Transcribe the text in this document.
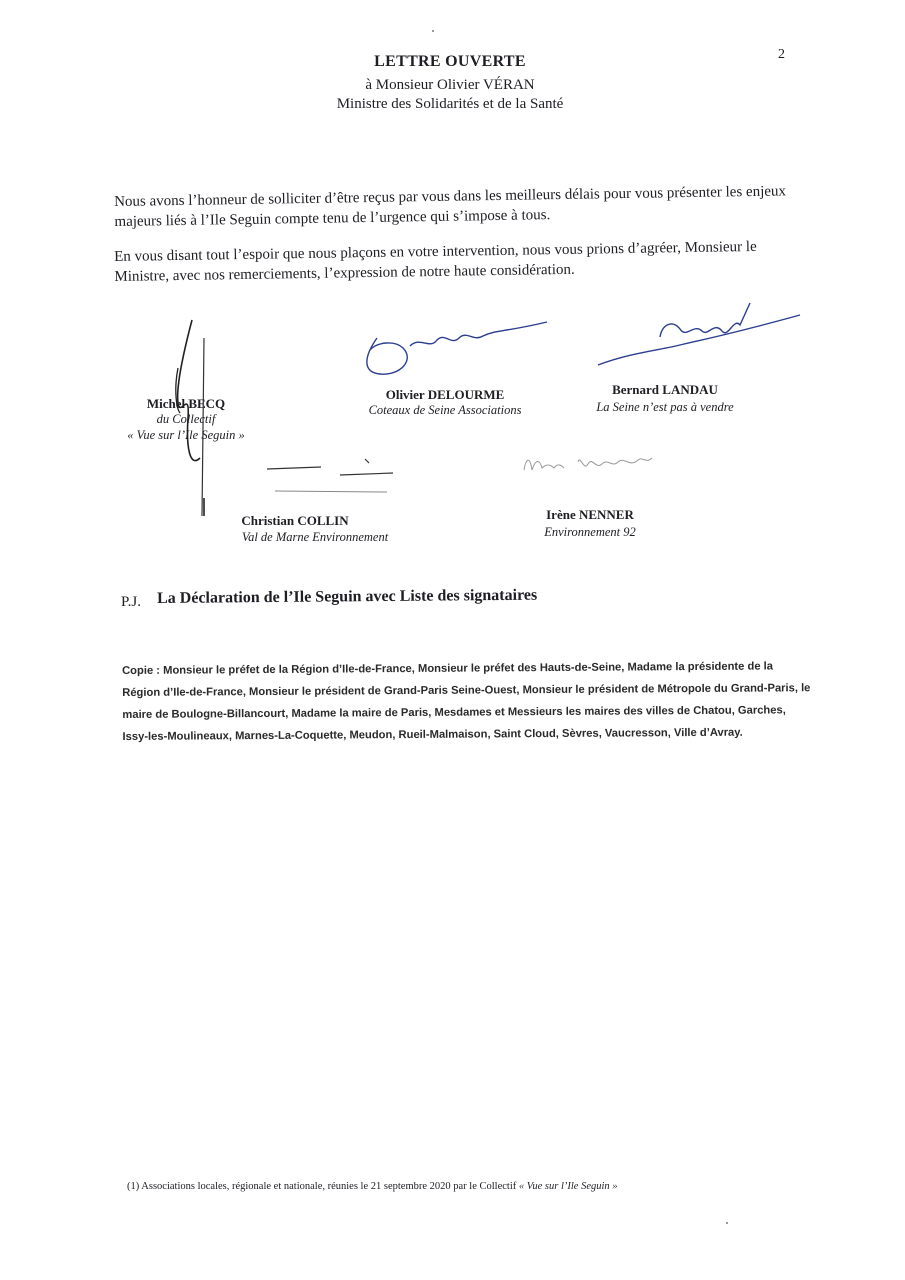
2
LETTRE OUVERTE
à Monsieur Olivier VÉRAN
Ministre des Solidarités et de la Santé
Nous avons l’honneur de solliciter d’être reçus par vous dans les meilleurs délais pour vous présenter les enjeux majeurs liés à l’Ile Seguin compte tenu de l’urgence qui s’impose à tous.
En vous disant tout l’espoir que nous plaçons en votre intervention, nous vous prions d’agréer, Monsieur le Ministre, avec nos remerciements, l’expression de notre haute considération.
Michel BECQ
du Collectif
« Vue sur l’Ile Seguin »
Olivier DELOURME
Coteaux de Seine Associations
Bernard LANDAU
La Seine n’est pas à vendre
Christian COLLIN
Val de Marne Environnement
Irène NENNER
Environnement 92
P.J. La Déclaration de l’Ile Seguin avec Liste des signataires
Copie : Monsieur le préfet de la Région d’Ile-de-France, Monsieur le préfet des Hauts-de-Seine, Madame la présidente de la Région d’Ile-de-France, Monsieur le président de Grand-Paris Seine-Ouest, Monsieur le président de Métropole du Grand-Paris, le maire de Boulogne-Billancourt, Madame la maire de Paris, Mesdames et Messieurs les maires des villes de Chatou, Garches, Issy-les-Moulineaux, Marnes-La-Coquette, Meudon, Rueil-Malmaison, Saint Cloud, Sèvres, Vaucresson, Ville d’Avray.
(1) Associations locales, régionale et nationale, réunies le 21 septembre 2020 par le Collectif « Vue sur l’Ile Seguin »
